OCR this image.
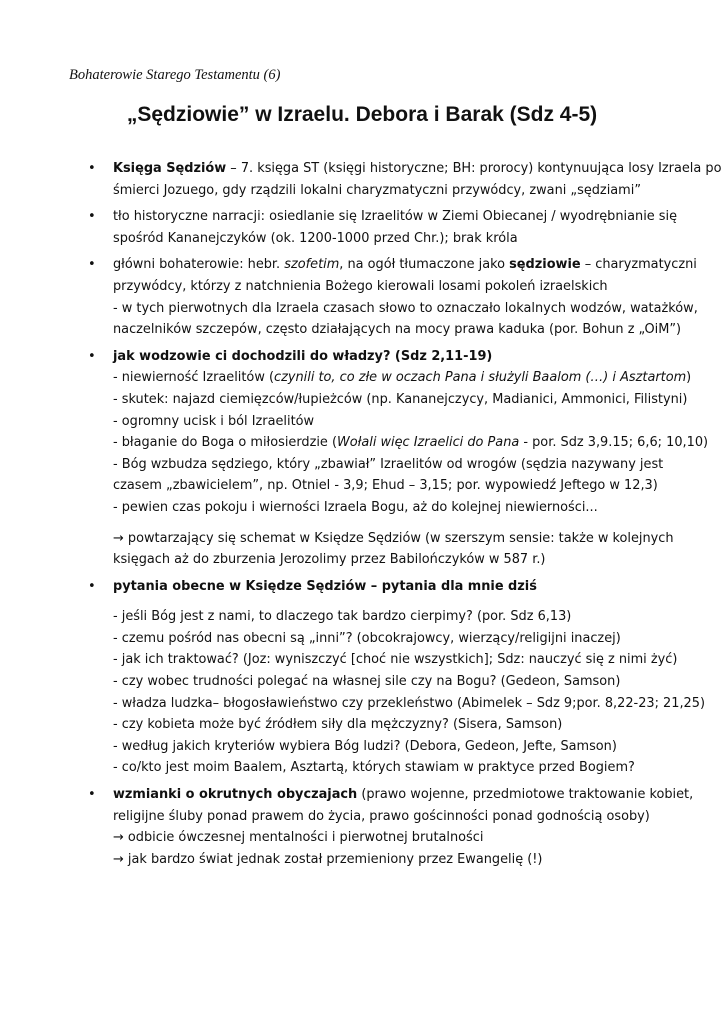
Bohaterowie Starego Testamentu (6)

„Sędziowie” w Izraelu. Debora i Barak (Sdz 4-5)
• Księga Sędziów – 7. księga ST (księgi historyczne; BH: prorocy) kontynuująca losy Izraela po
śmierci Jozuego, gdy rządzili lokalni charyzmatyczni przywódcy, zwani „sędziami”
• tło historyczne narracji: osiedlanie się Izraelitów w Ziemi Obiecanej / wyodrębnianie się
spośród Kananejczyków (ok. 1200-1000 przed Chr.); brak króla
• główni bohaterowie: hebr. szofetim, na ogół tłumaczone jako sędziowie – charyzmatyczni
przywódcy, którzy z natchnienia Bożego kierowali losami pokoleń izraelskich
- w tych pierwotnych dla Izraela czasach słowo to oznaczało lokalnych wodzów, watażków,
naczelników szczepów, często działających na mocy prawa kaduka (por. Bohun z „OiM”)
• jak wodzowie ci dochodzili do władzy? (Sdz 2,11-19)
- niewierność Izraelitów (czynili to, co złe w oczach Pana i służyli Baalom (…) i Asztartom)
- skutek: najazd ciemięzców/łupieżców (np. Kananejczycy, Madianici, Ammonici, Filistyni)
- ogromny ucisk i ból Izraelitów
- błaganie do Boga o miłosierdzie (Wołali więc Izraelici do Pana - por. Sdz 3,9.15; 6,6; 10,10)
- Bóg wzbudza sędziego, który „zbawiał” Izraelitów od wrogów (sędzia nazywany jest
czasem „zbawicielem”, np. Otniel - 3,9; Ehud – 3,15; por. wypowiedź Jeftego w 12,3)
- pewien czas pokoju i wierności Izraela Bogu, aż do kolejnej niewierności...
→ powtarzający się schemat w Księdze Sędziów (w szerszym sensie: także w kolejnych
księgach aż do zburzenia Jerozolimy przez Babilończyków w 587 r.)
• pytania obecne w Księdze Sędziów – pytania dla mnie dziś
- jeśli Bóg jest z nami, to dlaczego tak bardzo cierpimy? (por. Sdz 6,13)
- czemu pośród nas obecni są „inni”? (obcokrajowcy, wierzący/religijni inaczej)
- jak ich traktować? (Joz: wyniszczyć [choć nie wszystkich]; Sdz: nauczyć się z nimi żyć)
- czy wobec trudności polegać na własnej sile czy na Bogu? (Gedeon, Samson)
- władza ludzka– błogosławieństwo czy przekleństwo (Abimelek – Sdz 9;por. 8,22-23; 21,25)
- czy kobieta może być źródłem siły dla mężczyzny? (Sisera, Samson)
- według jakich kryteriów wybiera Bóg ludzi? (Debora, Gedeon, Jefte, Samson)
- co/kto jest moim Baalem, Asztartą, których stawiam w praktyce przed Bogiem?
• wzmianki o okrutnych obyczajach (prawo wojenne, przedmiotowe traktowanie kobiet,
religijne śluby ponad prawem do życia, prawo gościnności ponad godnością osoby)
→ odbicie ówczesnej mentalności i pierwotnej brutalności
→ jak bardzo świat jednak został przemieniony przez Ewangelię (!)
